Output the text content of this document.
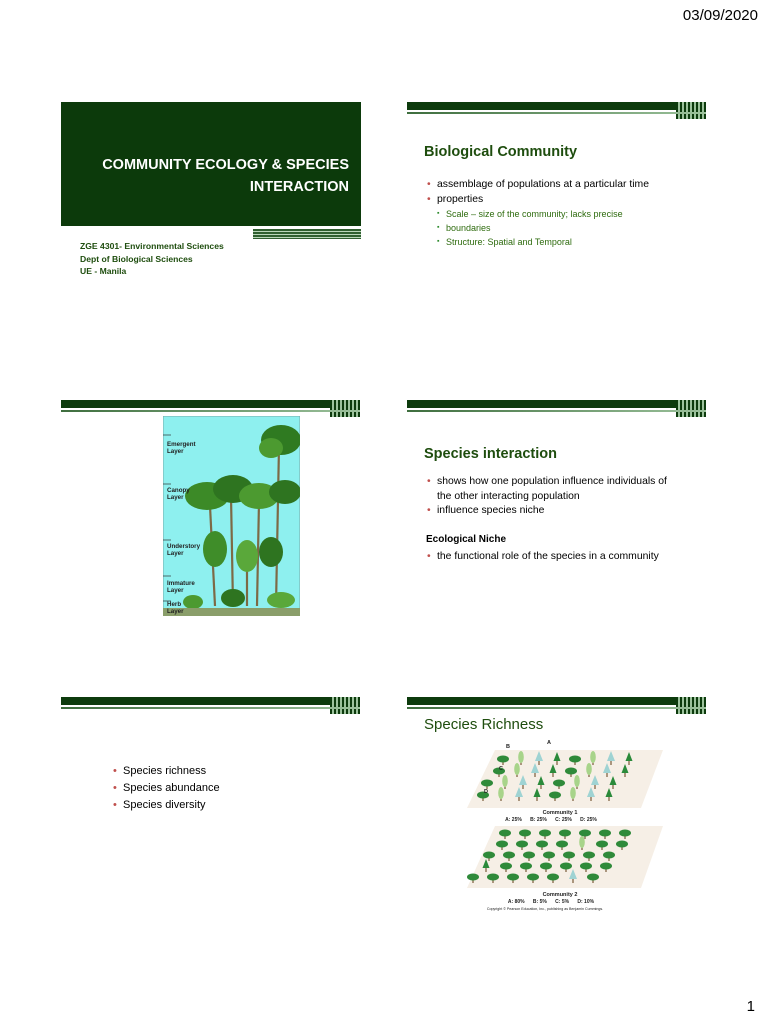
03/09/2020
COMMUNITY ECOLOGY & SPECIES INTERACTION
ZGE 4301- Environmental Sciences
Dept of Biological Sciences
UE - Manila
Biological Community
• assemblage of populations at a particular time
• properties
▪ Scale – size of the community; lacks precise
▪ boundaries
▪ Structure: Spatial and Temporal
Emergent
Layer
Canopy
Layer
Understory
Layer
Immature
Layer
Herb
Layer
Species interaction
• shows how one population influence individuals of
the other interacting population
• influence species niche
Ecological Niche
• the functional role of the species in a community
• Species richness
• Species abundance
• Species diversity
Species Richness
A
B
C
D
Community 1
A: 25%      B: 25%      C: 25%      D: 25%
Community 2
A: 80%      B: 5%      C: 5%      D: 10%
Copyright © Pearson Education, Inc., publishing as Benjamin Cummings.
1
